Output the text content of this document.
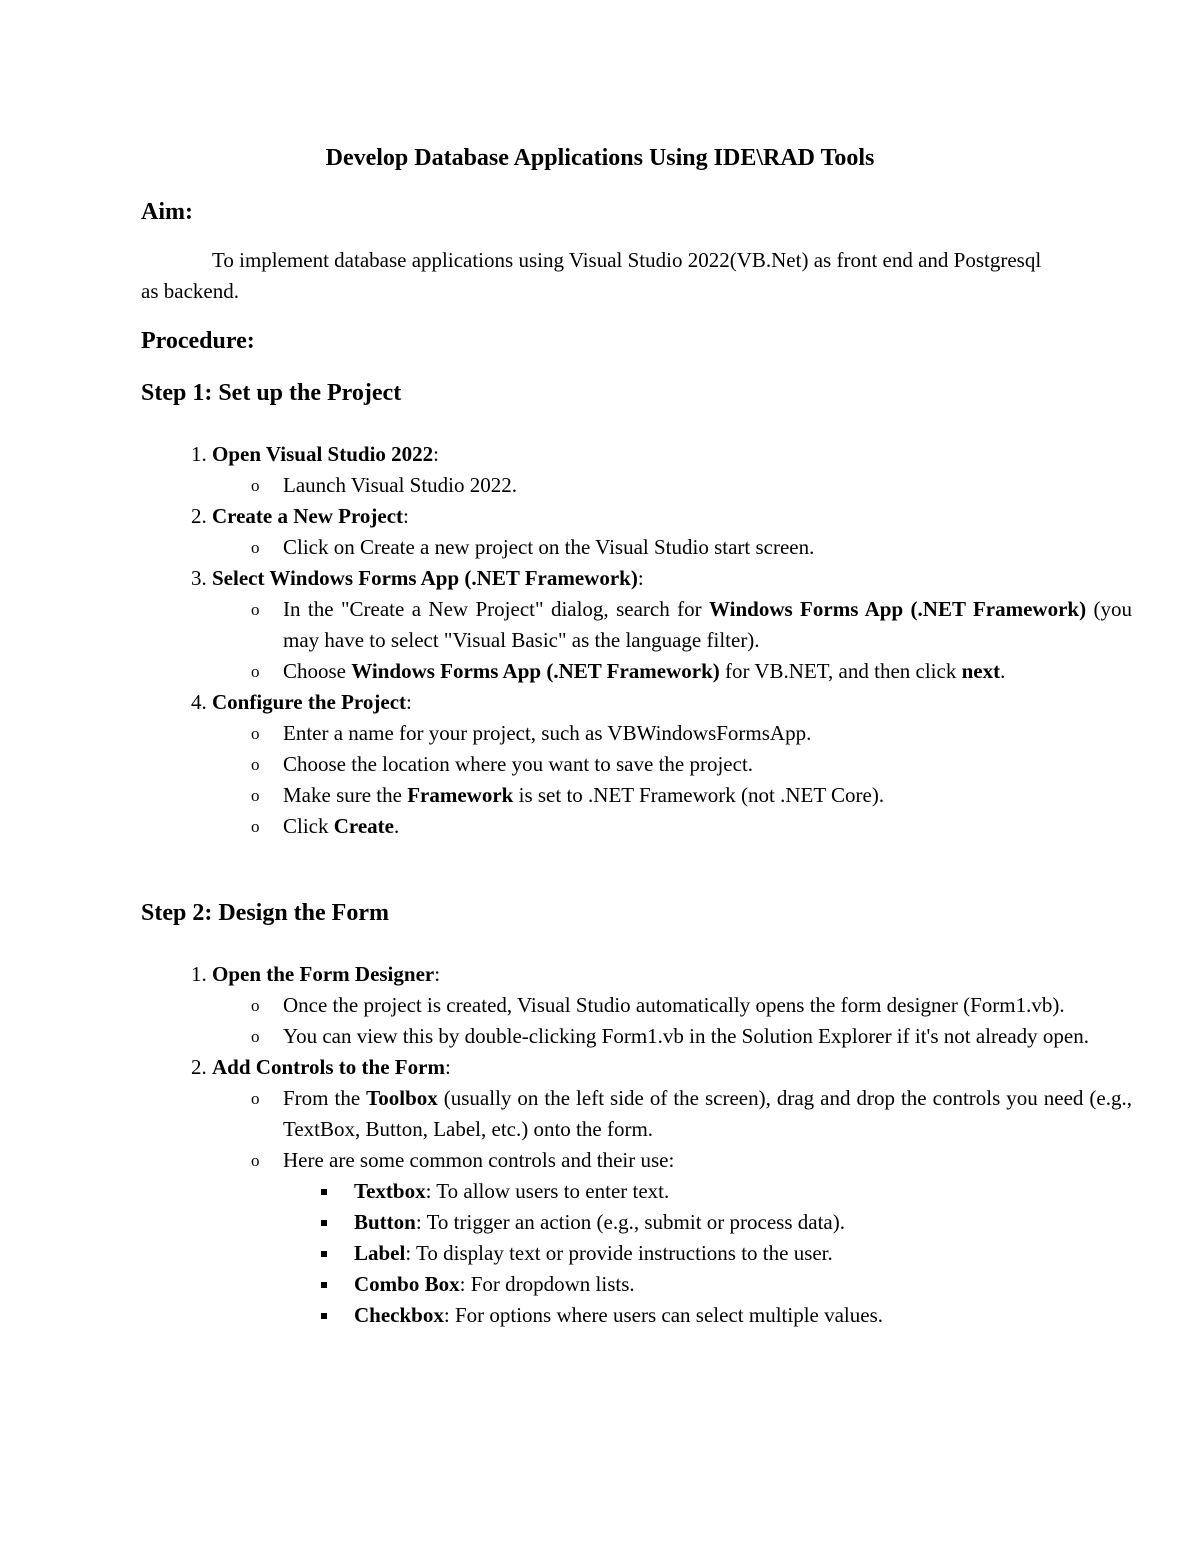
Develop Database Applications Using IDE\RAD Tools
Aim:

To implement database applications using Visual Studio 2022(VB.Net) as front end and Postgresql as backend.

Procedure:
Step 1: Set up the Project
1. Open Visual Studio 2022:
o Launch Visual Studio 2022.
2. Create a New Project:
o Click on Create a new project on the Visual Studio start screen.
3. Select Windows Forms App (.NET Framework):
o In the "Create a New Project" dialog, search for Windows Forms App (.NET Framework) (you may have to select "Visual Basic" as the language filter).
o Choose Windows Forms App (.NET Framework) for VB.NET, and then click next.
4. Configure the Project:
o Enter a name for your project, such as VBWindowsFormsApp.
o Choose the location where you want to save the project.
o Make sure the Framework is set to .NET Framework (not .NET Core).
o Click Create.
Step 2: Design the Form
1. Open the Form Designer:
o Once the project is created, Visual Studio automatically opens the form designer (Form1.vb).
o You can view this by double-clicking Form1.vb in the Solution Explorer if it's not already open.
2. Add Controls to the Form:
o From the Toolbox (usually on the left side of the screen), drag and drop the controls you need (e.g., TextBox, Button, Label, etc.) onto the form.
o Here are some common controls and their use:
Textbox: To allow users to enter text.
Button: To trigger an action (e.g., submit or process data).
Label: To display text or provide instructions to the user.
Combo Box: For dropdown lists.
Checkbox: For options where users can select multiple values.
